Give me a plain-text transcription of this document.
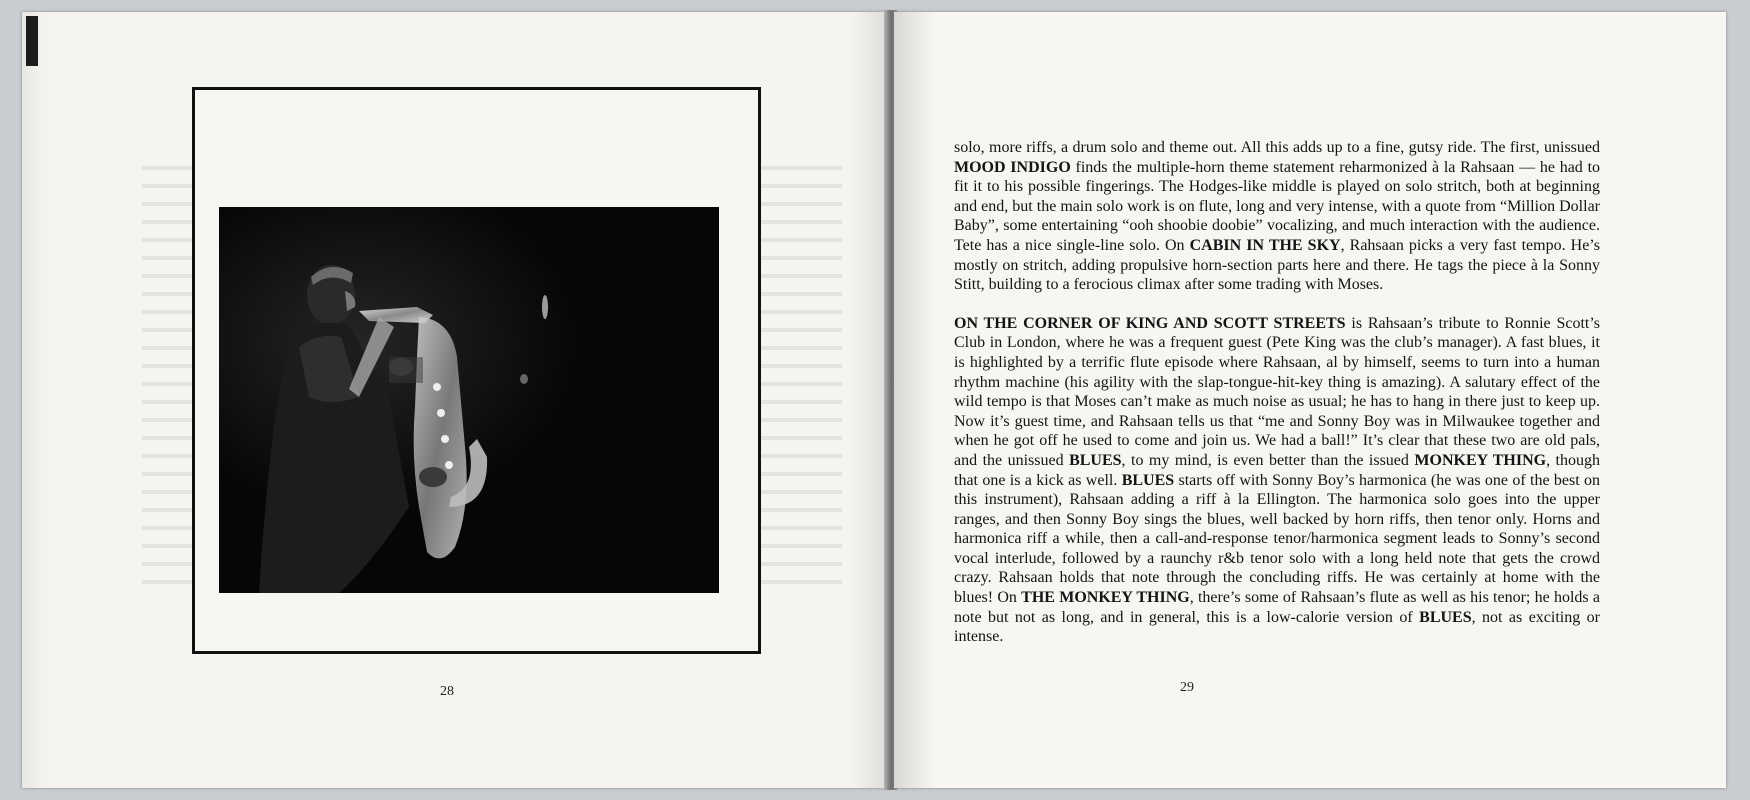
28

solo, more riffs, a drum solo and theme out. All this adds up to a fine, gutsy ride. The first, unissued MOOD INDIGO finds the multiple-horn theme statement reharmonized à la Rahsaan — he had to fit it to his possible fingerings. The Hodges-like middle is played on solo stritch, both at beginning and end, but the main solo work is on flute, long and very intense, with a quote from “Million Dollar Baby”, some entertaining “ooh shoobie doobie” vocalizing, and much interaction with the audience. Tete has a nice single-line solo. On CABIN IN THE SKY, Rahsaan picks a very fast tempo. He’s mostly on stritch, adding propulsive horn-section parts here and there. He tags the piece à la Sonny Stitt, building to a ferocious climax after some trading with Moses.

ON THE CORNER OF KING AND SCOTT STREETS is Rahsaan’s tribute to Ronnie Scott’s Club in London, where he was a frequent guest (Pete King was the club’s manager). A fast blues, it is highlighted by a terrific flute episode where Rahsaan, al by himself, seems to turn into a human rhythm machine (his agility with the slap-tongue-hit-key thing is amazing). A salutary effect of the wild tempo is that Moses can’t make as much noise as usual; he has to hang in there just to keep up. Now it’s guest time, and Rahsaan tells us that “me and Sonny Boy was in Milwaukee together and when he got off he used to come and join us. We had a ball!” It’s clear that these two are old pals, and the unissued BLUES, to my mind, is even better than the issued MONKEY THING, though that one is a kick as well. BLUES starts off with Sonny Boy’s harmonica (he was one of the best on this instrument), Rahsaan adding a riff à la Ellington. The harmonica solo goes into the upper ranges, and then Sonny Boy sings the blues, well backed by horn riffs, then tenor only. Horns and harmonica riff a while, then a call-and-response tenor/harmonica segment leads to Sonny’s second vocal interlude, followed by a raunchy r&b tenor solo with a long held note that gets the crowd crazy. Rahsaan holds that note through the concluding riffs. He was certainly at home with the blues! On THE MONKEY THING, there’s some of Rahsaan’s flute as well as his tenor; he holds a note but not as long, and in general, this is a low-calorie version of BLUES, not as exciting or intense.

29
